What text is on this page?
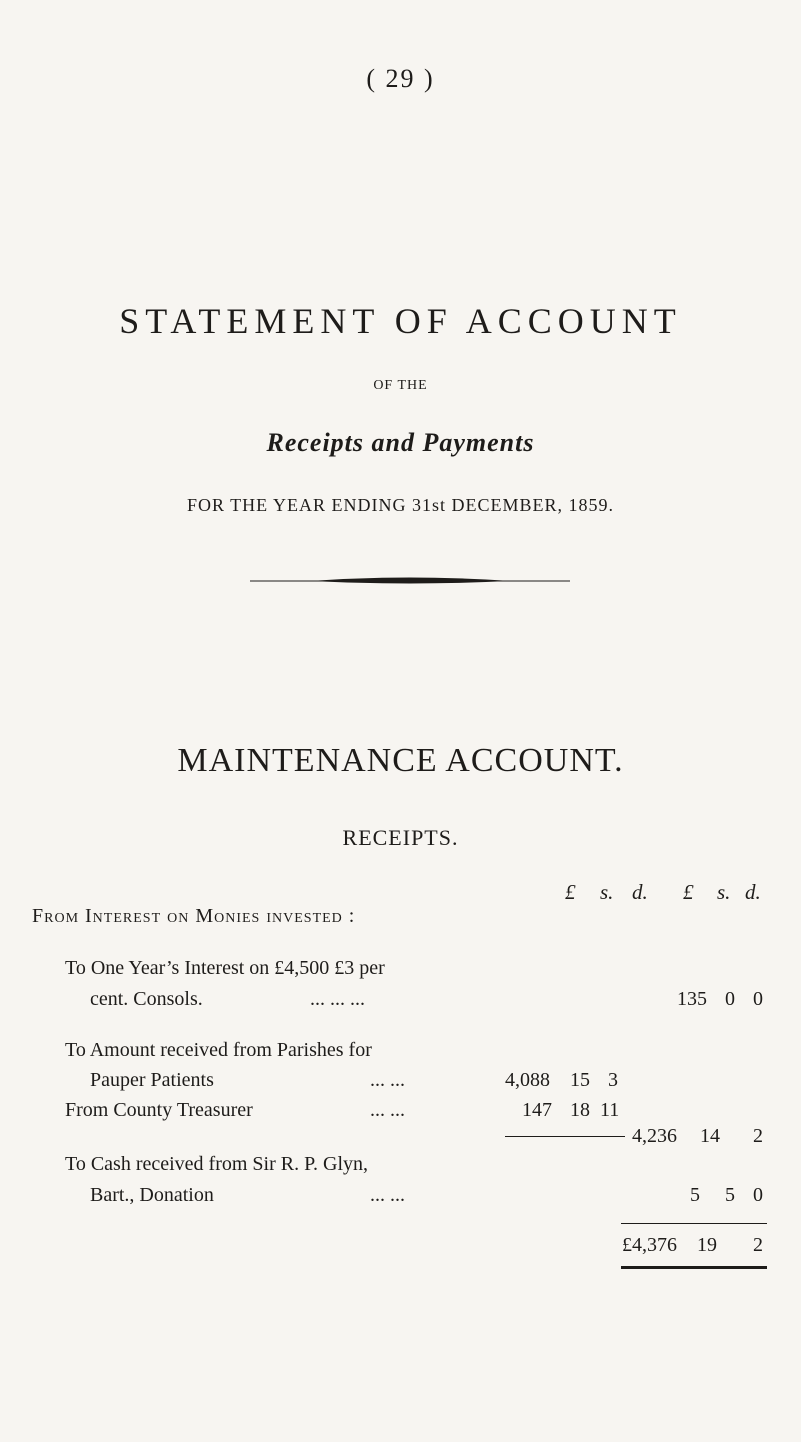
( 29 )
STATEMENT OF ACCOUNT
OF THE
Receipts and Payments
FOR THE YEAR ENDING 31st DECEMBER, 1859.
MAINTENANCE ACCOUNT.
RECEIPTS.
£ s. d. £ s. d.
From Interest on Monies invested :
To One Year’s Interest on £4,500 £3 per
cent. Consols.	... ... ...	135 0 0
To Amount received from Parishes for
Pauper Patients	... ...	4,088 15 3
From County Treasurer	... ...	147 18 11
4,236 14 2
To Cash received from Sir R. P. Glyn,
Bart., Donation	... ...	5 5 0
£4,376 19 2
